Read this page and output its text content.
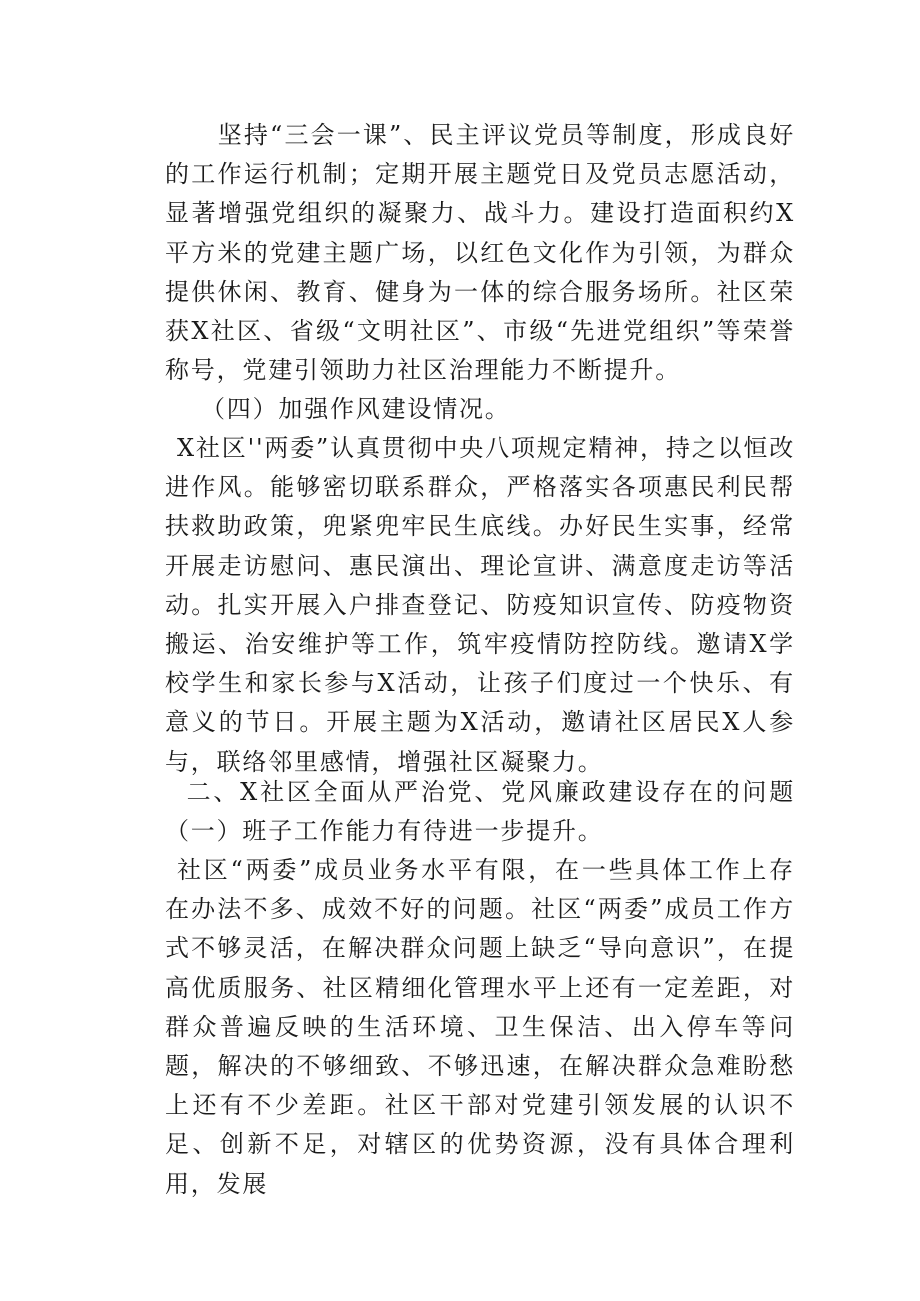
坚持“三会一课”、民主评议党员等制度，形成良好的工作运行机制；定期开展主题党日及党员志愿活动，显著增强党组织的凝聚力、战斗力。建设打造面积约X平方米的党建主题广场，以红色文化作为引领，为群众提供休闲、教育、健身为一体的综合服务场所。社区荣获X社区、省级“文明社区”、市级“先进党组织”等荣誉称号，党建引领助力社区治理能力不断提升。

（四）加强作风建设情况。

X社区''两委”认真贯彻中央八项规定精神，持之以恒改进作风。能够密切联系群众，严格落实各项惠民利民帮扶救助政策，兜紧兜牢民生底线。办好民生实事，经常开展走访慰问、惠民演出、理论宣讲、满意度走访等活动。扎实开展入户排查登记、防疫知识宣传、防疫物资搬运、治安维护等工作，筑牢疫情防控防线。邀请X学校学生和家长参与X活动，让孩子们度过一个快乐、有意义的节日。开展主题为X活动，邀请社区居民X人参与，联络邻里感情，增强社区凝聚力。

二、X社区全面从严治党、党风廉政建设存在的问题（一）班子工作能力有待进一步提升。

社区“两委”成员业务水平有限，在一些具体工作上存在办法不多、成效不好的问题。社区“两委”成员工作方式不够灵活，在解决群众问题上缺乏“导向意识”，在提高优质服务、社区精细化管理水平上还有一定差距，对群众普遍反映的生活环境、卫生保洁、出入停车等问题，解决的不够细致、不够迅速，在解决群众急难盼愁上还有不少差距。社区干部对党建引领发展的认识不足、创新不足，对辖区的优势资源，没有具体合理利用，发展
